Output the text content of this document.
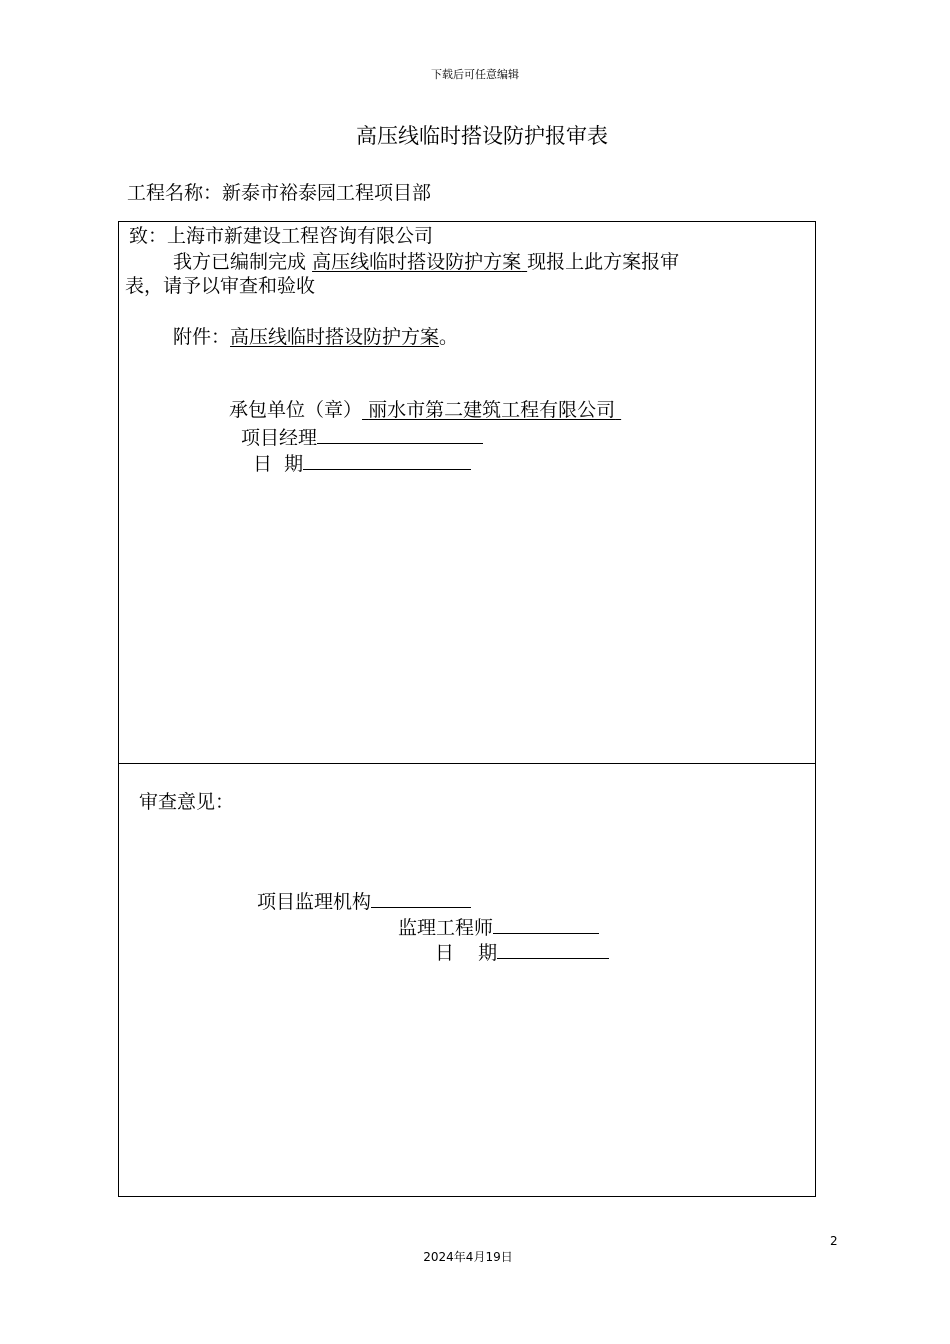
下载后可任意编辑
高压线临时搭设防护报审表
工程名称：新泰市裕泰园工程项目部
致：上海市新建设工程咨询有限公司
我方已编制完成 高压线临时搭设防护方案 现报上此方案报审
表，请予以审查和验收
附件：高压线临时搭设防护方案。
承包单位（章） 丽水市第二建筑工程有限公司
项目经理
日  期
审查意见：
项目监理机构
监理工程师
日    期
2
2024年4月19日
